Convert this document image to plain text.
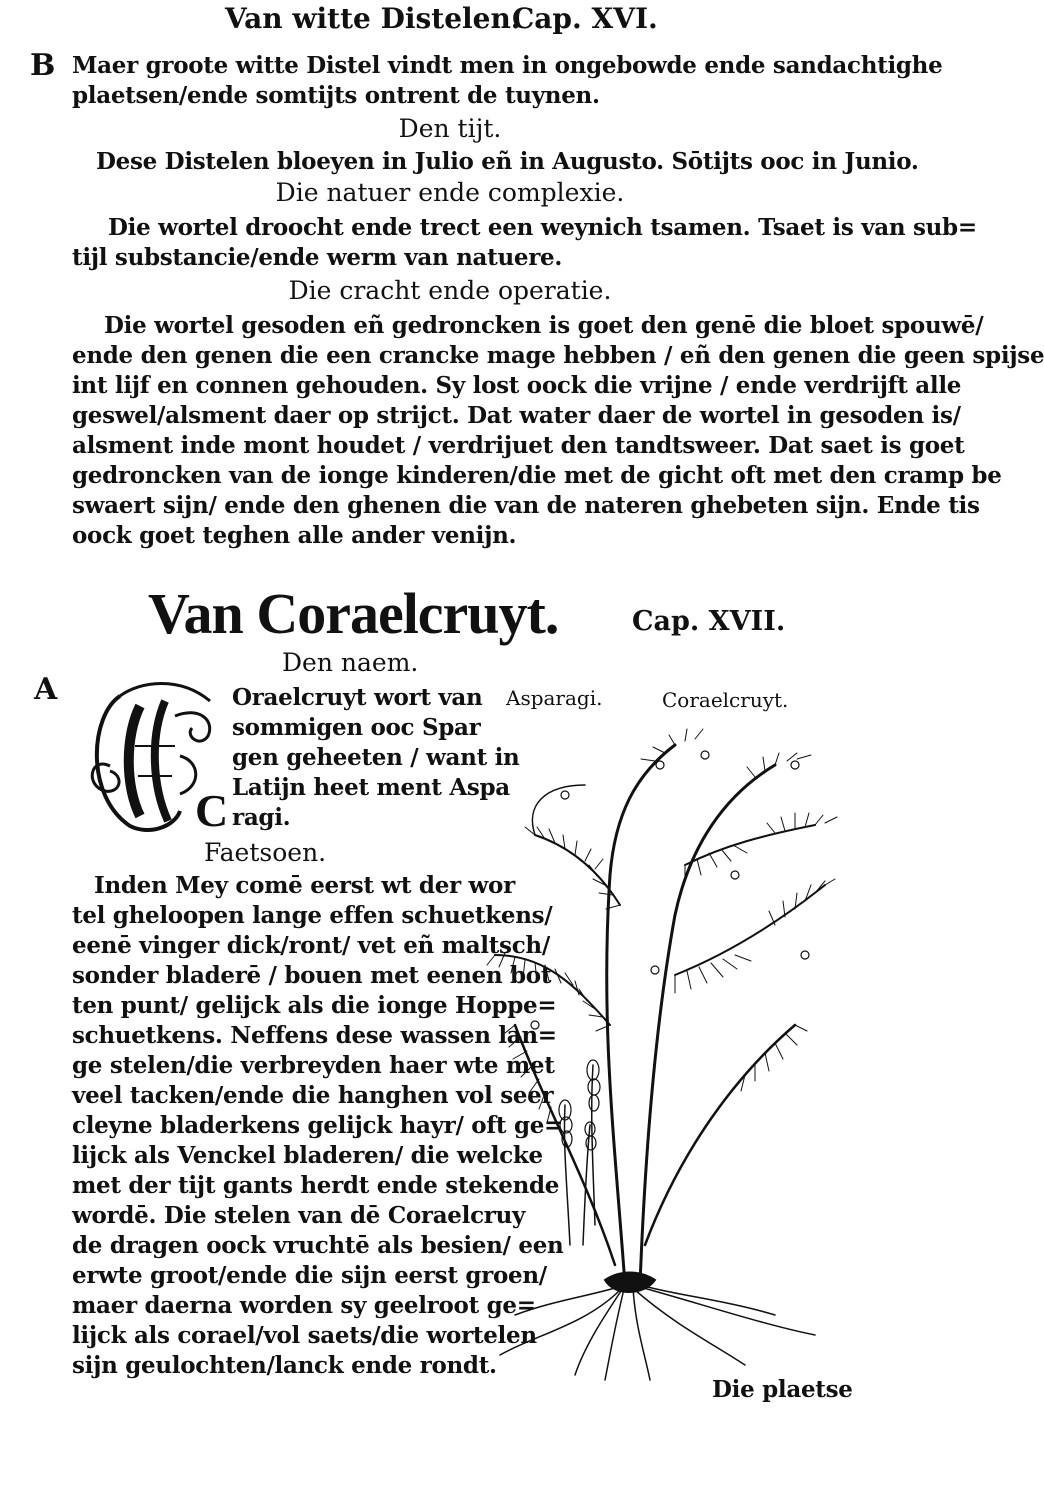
Van witte Distelen.
Cap. XVI.
B Maer groote witte Distel vindt men in ongebowde ende sandachtighe
plaetsen/ende somtijts ontrent de tuynen.
Den tijt.
Dese Distelen bloeyen in Julio eñ in Augusto. Sōtijts ooc in Junio.
Die natuer ende complexie.
Die wortel droocht ende trect een weynich tsamen. Tsaet is van sub=
tijl substancie/ende werm van natuere.
Die cracht ende operatie.
Die wortel gesoden eñ gedroncken is goet den genē die bloet spouwē/
ende den genen die een crancke mage hebben / eñ den genen die geen spijse
int lijf en connen gehouden. Sy lost oock die vrijne / ende verdrijft alle
geswel/alsment daer op strijct. Dat water daer de wortel in gesoden is/
alsment inde mont houdet / verdrijuet den tandtsweer. Dat saet is goet
gedroncken van de ionge kinderen/die met de gicht oft met den cramp be
swaert sijn/ ende den ghenen die van de nateren ghebeten sijn. Ende tis
oock goet teghen alle ander venijn.
Van Coraelcruyt.	Cap. XVII.
Den naem.
A
C
Oraelcruyt wort van
sommigen ooc Spar
gen geheeten / want in
Latijn heet ment Aspa
ragi.
Faetsoen.
Inden Mey comē eerst wt der wor
tel gheloopen lange effen schuetkens/
eenē vinger dick/ront/ vet eñ maltsch/
sonder bladerē / bouen met eenen bot
ten punt/ gelijck als die ionge Hoppe=
schuetkens. Neffens dese wassen lan=
ge stelen/die verbreyden haer wte met
veel tacken/ende die hanghen vol seer
cleyne bladerkens gelijck hayr/ oft ge=
lijck als Venckel bladeren/ die welcke
met der tijt gants herdt ende stekende
wordē. Die stelen van dē Coraelcruy
de dragen oock vruchtē als besien/ een
erwte groot/ende die sijn eerst groen/
maer daerna worden sy geelroot ge=
lijck als corael/vol saets/die wortelen
sijn geulochten/lanck ende rondt.
Asparagi.	Coraelcruyt.
Die plaetse
